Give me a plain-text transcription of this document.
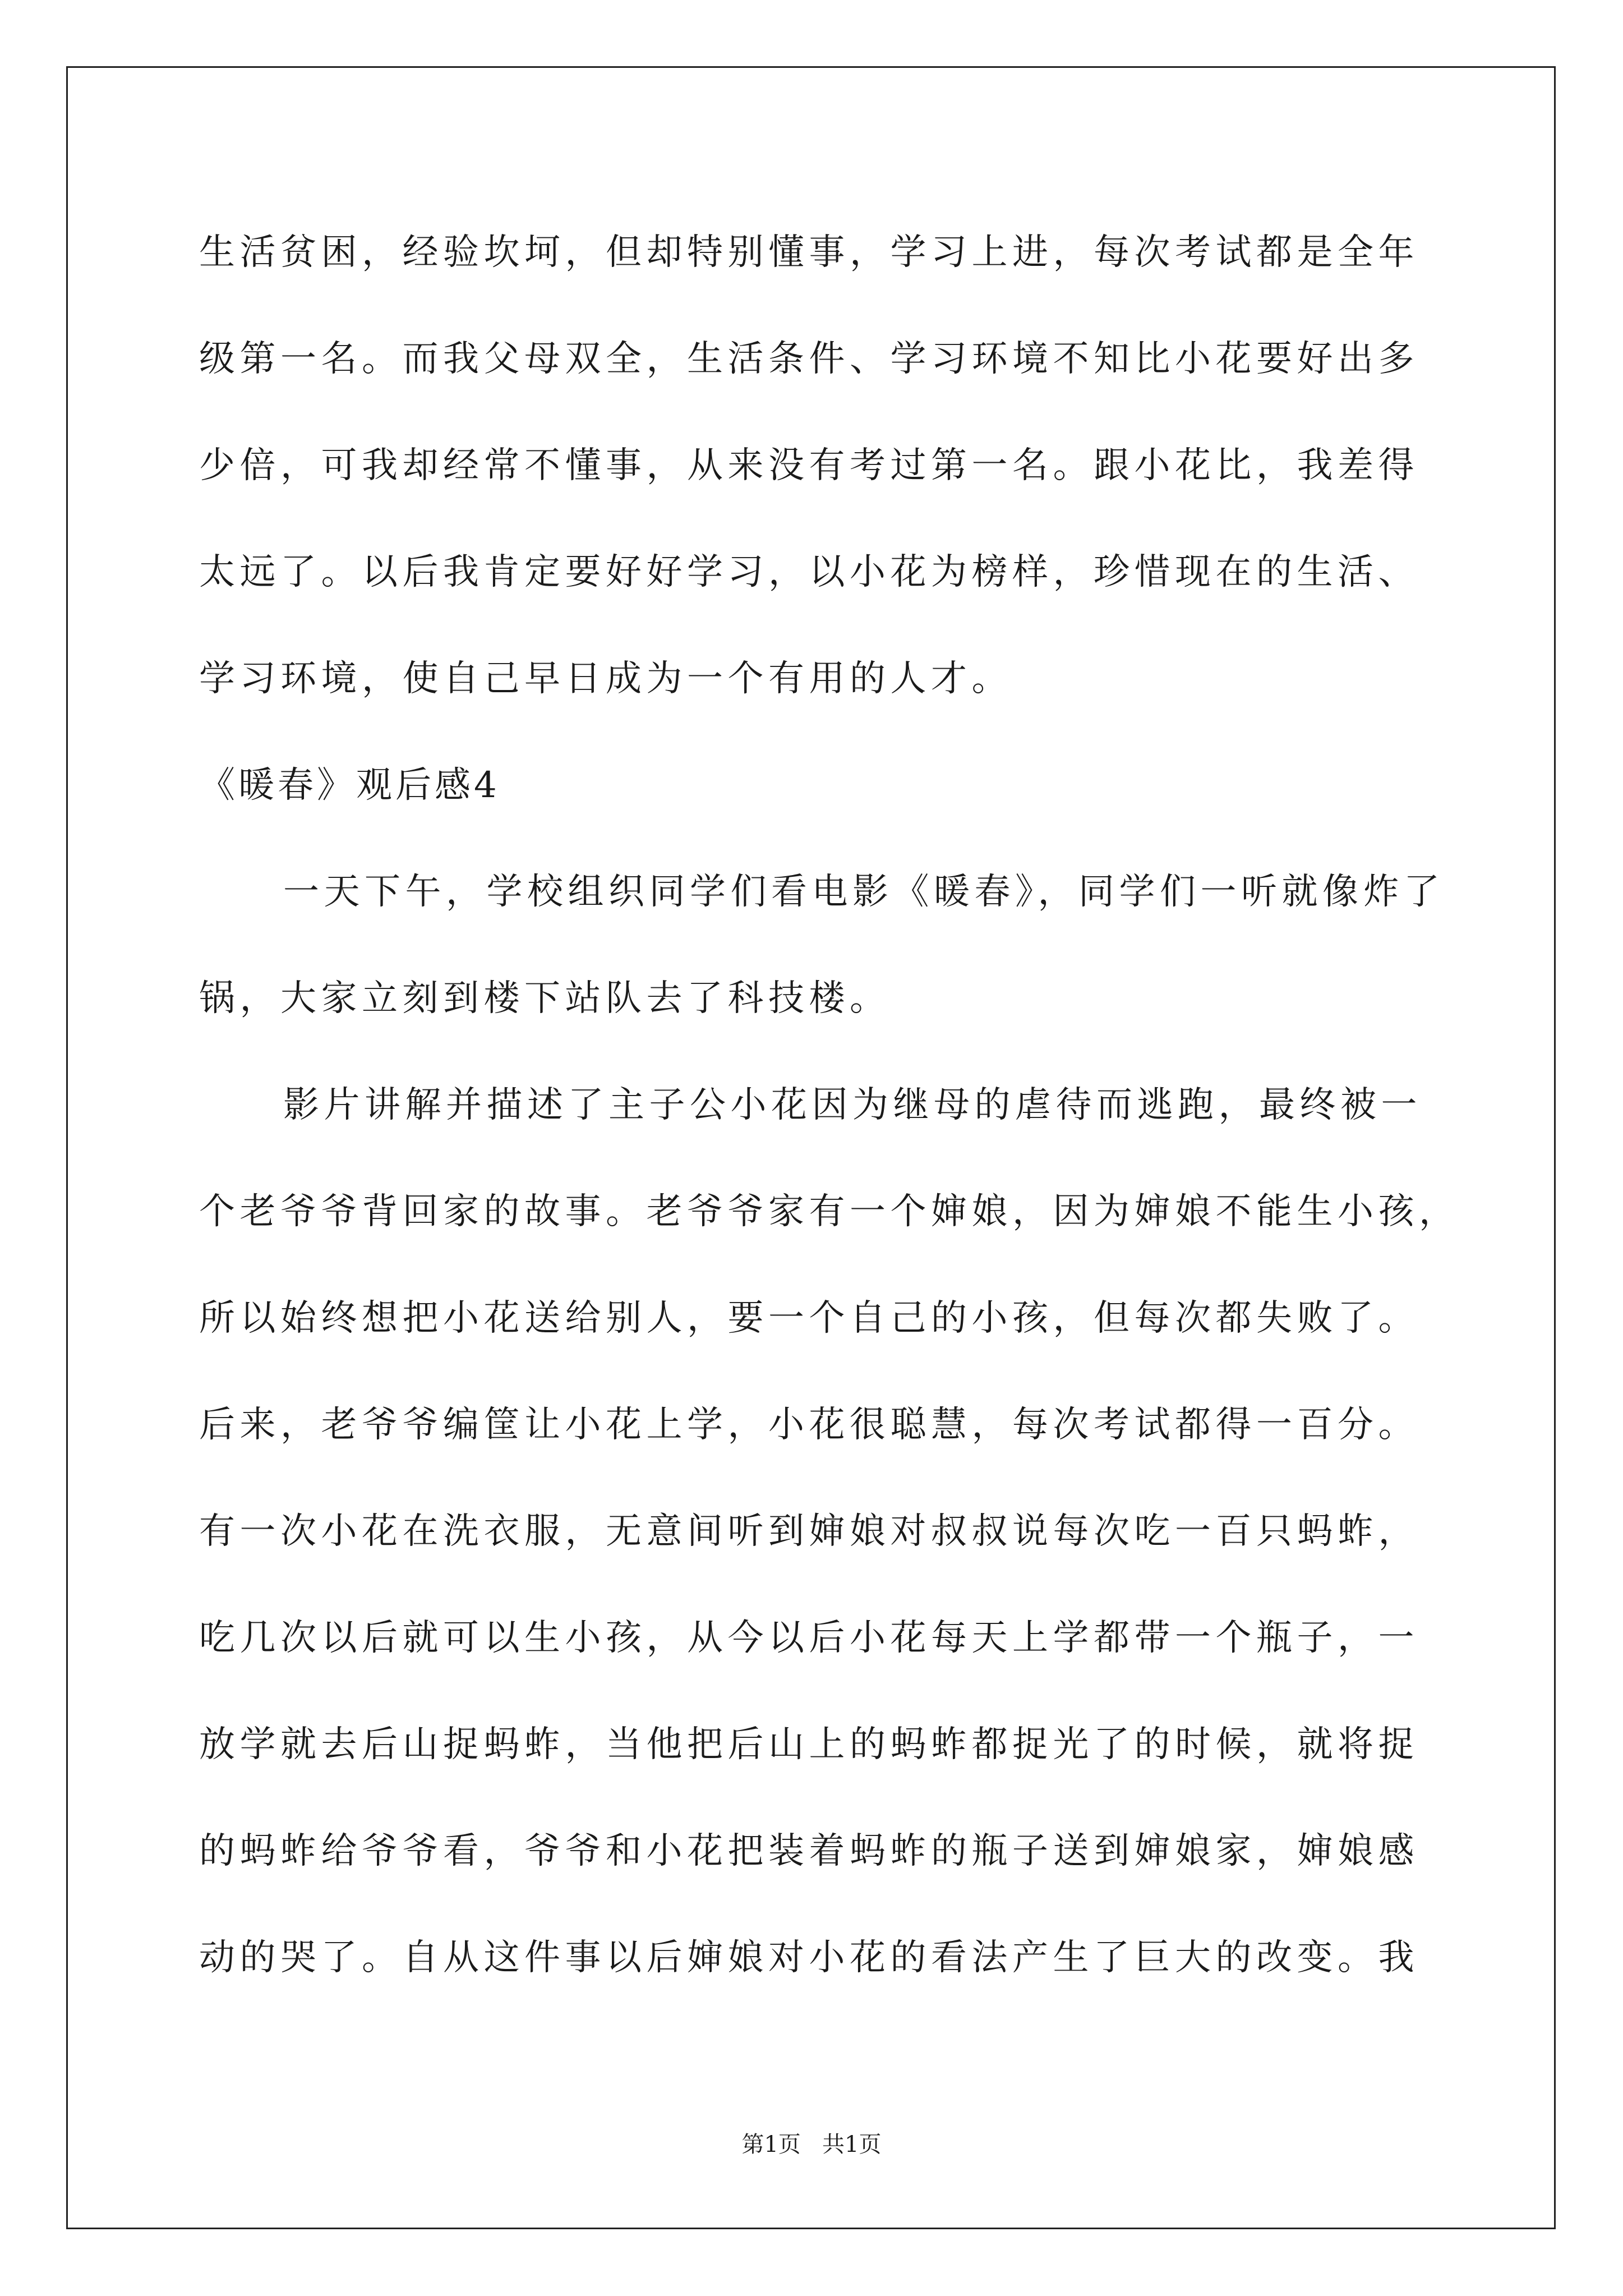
生活贫困，经验坎坷，但却特别懂事，学习上进，每次考试都是全年
级第一名。而我父母双全，生活条件、学习环境不知比小花要好出多
少倍，可我却经常不懂事，从来没有考过第一名。跟小花比，我差得
太远了。以后我肯定要好好学习，以小花为榜样，珍惜现在的生活、
学习环境，使自己早日成为一个有用的人才。
《暖春》观后感4
一天下午，学校组织同学们看电影《暖春》，同学们一听就像炸了
锅，大家立刻到楼下站队去了科技楼。
影片讲解并描述了主子公小花因为继母的虐待而逃跑，最终被一
个老爷爷背回家的故事。老爷爷家有一个婶娘，因为婶娘不能生小孩，
所以始终想把小花送给别人，要一个自己的小孩，但每次都失败了。
后来，老爷爷编筐让小花上学，小花很聪慧，每次考试都得一百分。
有一次小花在洗衣服，无意间听到婶娘对叔叔说每次吃一百只蚂蚱，
吃几次以后就可以生小孩，从今以后小花每天上学都带一个瓶子，一
放学就去后山捉蚂蚱，当他把后山上的蚂蚱都捉光了的时候，就将捉
的蚂蚱给爷爷看，爷爷和小花把装着蚂蚱的瓶子送到婶娘家，婶娘感
动的哭了。自从这件事以后婶娘对小花的看法产生了巨大的改变。我
第1页   共1页
